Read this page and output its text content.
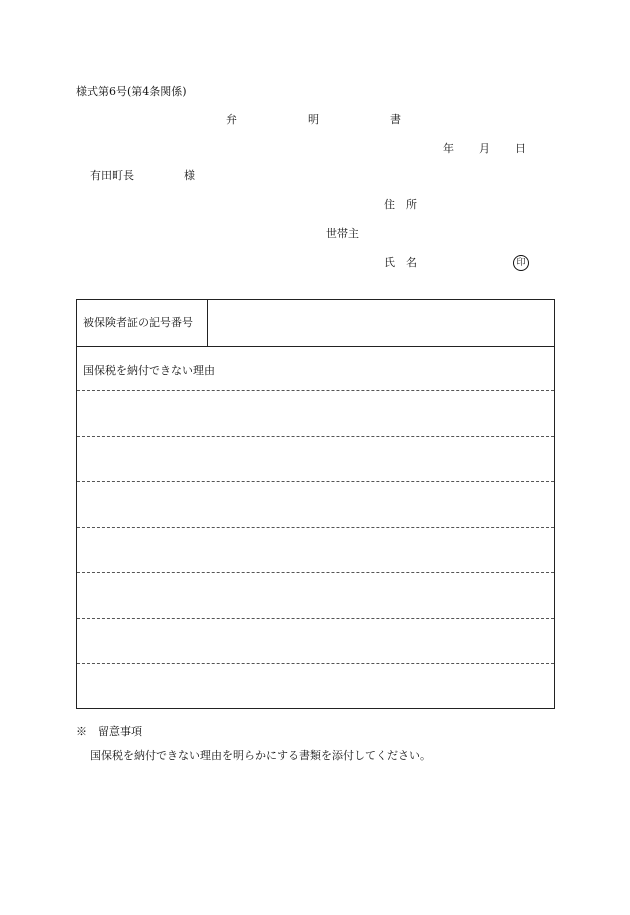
様式第6号(第4条関係)
弁	明	書
年 月 日
有田町長	様
住　所
世帯主
氏　名	印
被保険者証の記号番号
国保税を納付できない理由
※　留意事項
国保税を納付できない理由を明らかにする書類を添付してください。
